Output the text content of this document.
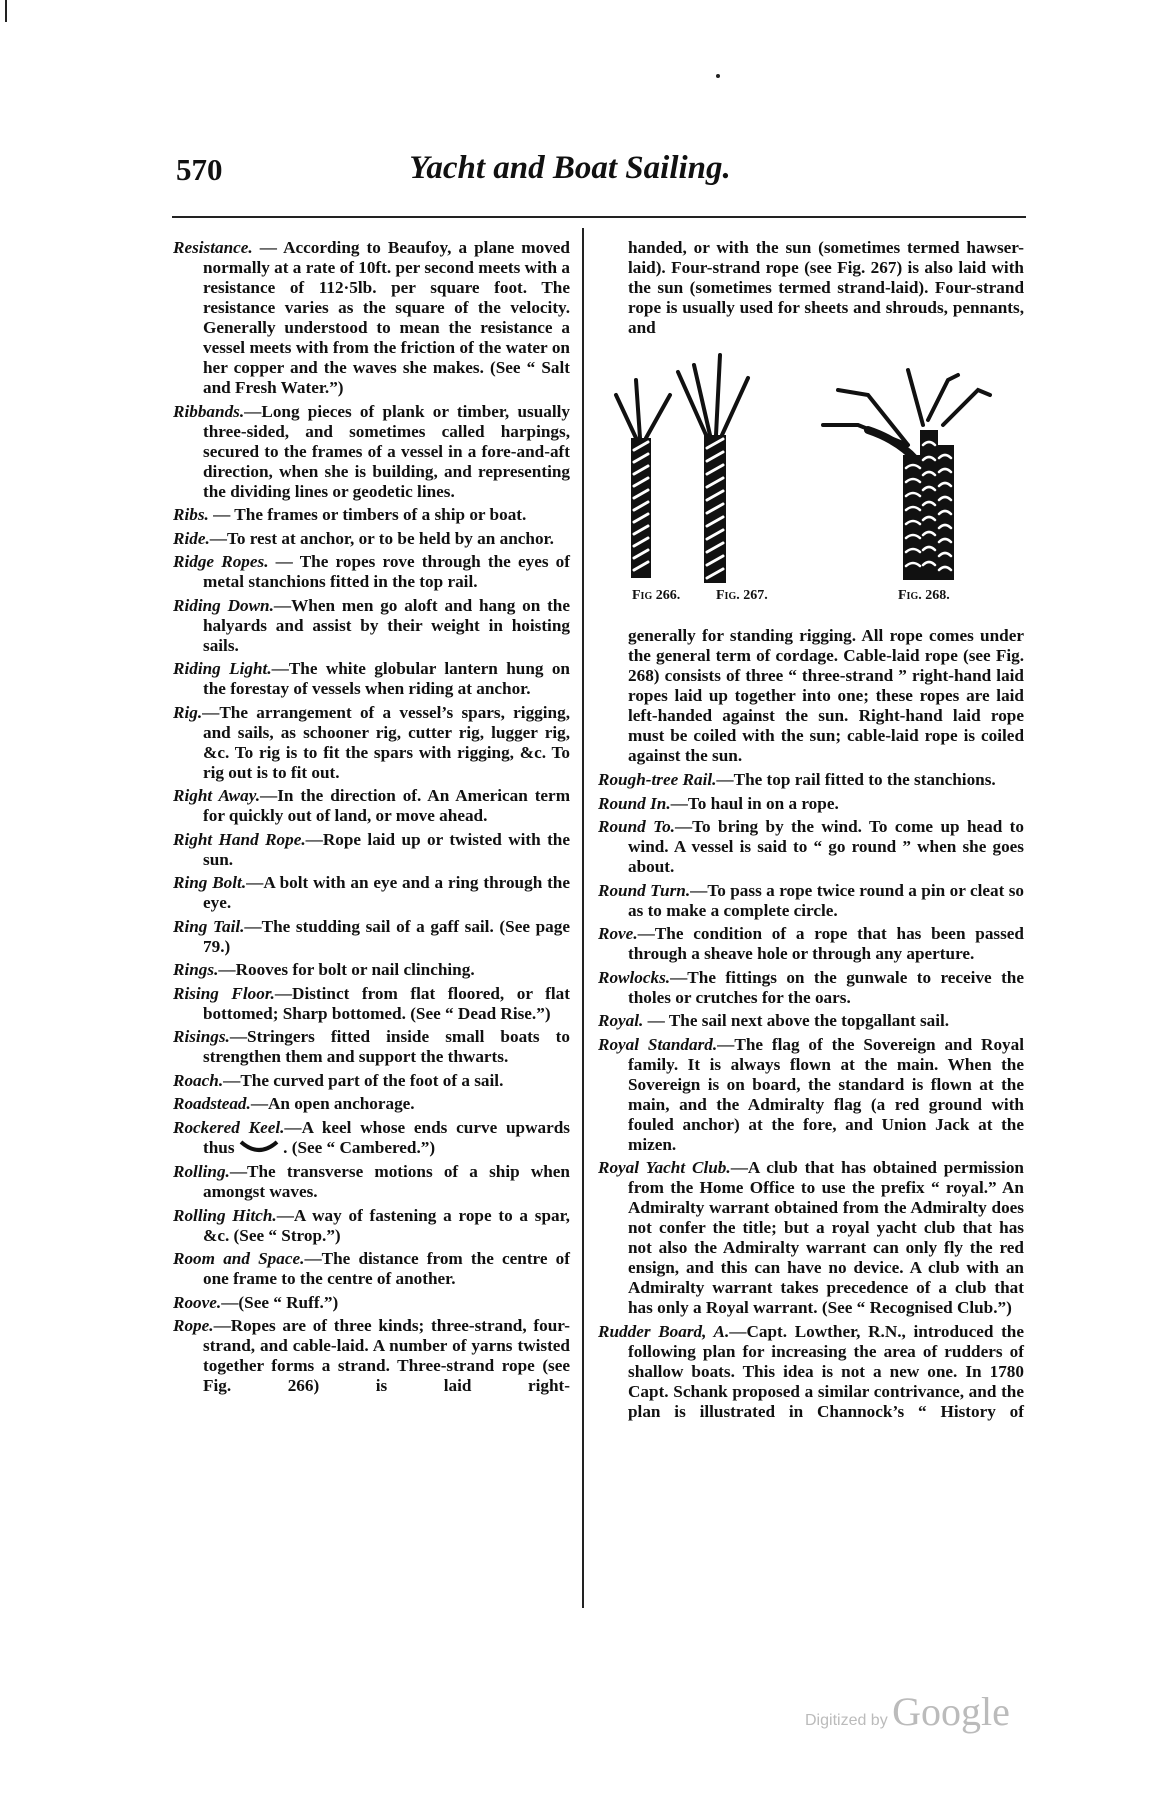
570	Yacht and Boat Sailing.
Resistance. — According to Beaufoy, a plane moved normally at a rate of 10ft. per second meets with a resistance of 112·5lb. per square foot. The resistance varies as the square of the velocity. Generally understood to mean the resistance a vessel meets with from the friction of the water on her copper and the waves she makes. (See “ Salt and Fresh Water.”)
Ribbands.—Long pieces of plank or timber, usually three-sided, and sometimes called harpings, secured to the frames of a vessel in a fore-and-aft direction, when she is building, and representing the dividing lines or geodetic lines.
Ribs. — The frames or timbers of a ship or boat.
Ride.—To rest at anchor, or to be held by an anchor.
Ridge Ropes. — The ropes rove through the eyes of metal stanchions fitted in the top rail.
Riding Down.—When men go aloft and hang on the halyards and assist by their weight in hoisting sails.
Riding Light.—The white globular lantern hung on the forestay of vessels when riding at anchor.
Rig.—The arrangement of a vessel’s spars, rigging, and sails, as schooner rig, cutter rig, lugger rig, &c. To rig is to fit the spars with rigging, &c. To rig out is to fit out.
Right Away.—In the direction of. An American term for quickly out of land, or move ahead.
Right Hand Rope.—Rope laid up or twisted with the sun.
Ring Bolt.—A bolt with an eye and a ring through the eye.
Ring Tail.—The studding sail of a gaff sail. (See page 79.)
Rings.—Rooves for bolt or nail clinching.
Rising Floor.—Distinct from flat floored, or flat bottomed; Sharp bottomed. (See “ Dead Rise.”)
Risings.—Stringers fitted inside small boats to strengthen them and support the thwarts.
Roach.—The curved part of the foot of a sail.
Roadstead.—An open anchorage.
Rockered Keel.—A keel whose ends curve upwards thus  . (See “ Cambered.”)
Rolling.—The transverse motions of a ship when amongst waves.
Rolling Hitch.—A way of fastening a rope to a spar, &c. (See “ Strop.”)
Room and Space.—The distance from the centre of one frame to the centre of another.
Roove.—(See “ Ruff.”)
Rope.—Ropes are of three kinds; three-strand, four-strand, and cable-laid. A number of yarns twisted together forms a strand. Three-strand rope (see Fig. 266) is laid right-
handed, or with the sun (sometimes termed hawser-laid). Four-strand rope (see Fig. 267) is also laid with the sun (sometimes termed strand-laid). Four-strand rope is usually used for sheets and shrouds, pennants, and
Fig 266.	Fig. 267.	Fig. 268.
generally for standing rigging. All rope comes under the general term of cordage. Cable-laid rope (see Fig. 268) consists of three “ three-strand ” right-hand laid ropes laid up together into one; these ropes are laid left-handed against the sun. Right-hand laid rope must be coiled with the sun; cable-laid rope is coiled against the sun.
Rough-tree Rail.—The top rail fitted to the stanchions.
Round In.—To haul in on a rope.
Round To.—To bring by the wind. To come up head to wind. A vessel is said to “ go round ” when she goes about.
Round Turn.—To pass a rope twice round a pin or cleat so as to make a complete circle.
Rove.—The condition of a rope that has been passed through a sheave hole or through any aperture.
Rowlocks.—The fittings on the gunwale to receive the tholes or crutches for the oars.
Royal. — The sail next above the topgallant sail.
Royal Standard.—The flag of the Sovereign and Royal family. It is always flown at the main. When the Sovereign is on board, the standard is flown at the main, and the Admiralty flag (a red ground with fouled anchor) at the fore, and Union Jack at the mizen.
Royal Yacht Club.—A club that has obtained permission from the Home Office to use the prefix “ royal.” An Admiralty warrant obtained from the Admiralty does not confer the title; but a royal yacht club that has not also the Admiralty warrant can only fly the red ensign, and this can have no device. A club with an Admiralty warrant takes precedence of a club that has only a Royal warrant. (See “ Recognised Club.”)
Rudder Board, A.—Capt. Lowther, R.N., introduced the following plan for increasing the area of rudders of shallow boats. This idea is not a new one. In 1780 Capt. Schank proposed a similar contrivance, and the plan is illustrated in Channock’s “ History of
Digitized by Google
